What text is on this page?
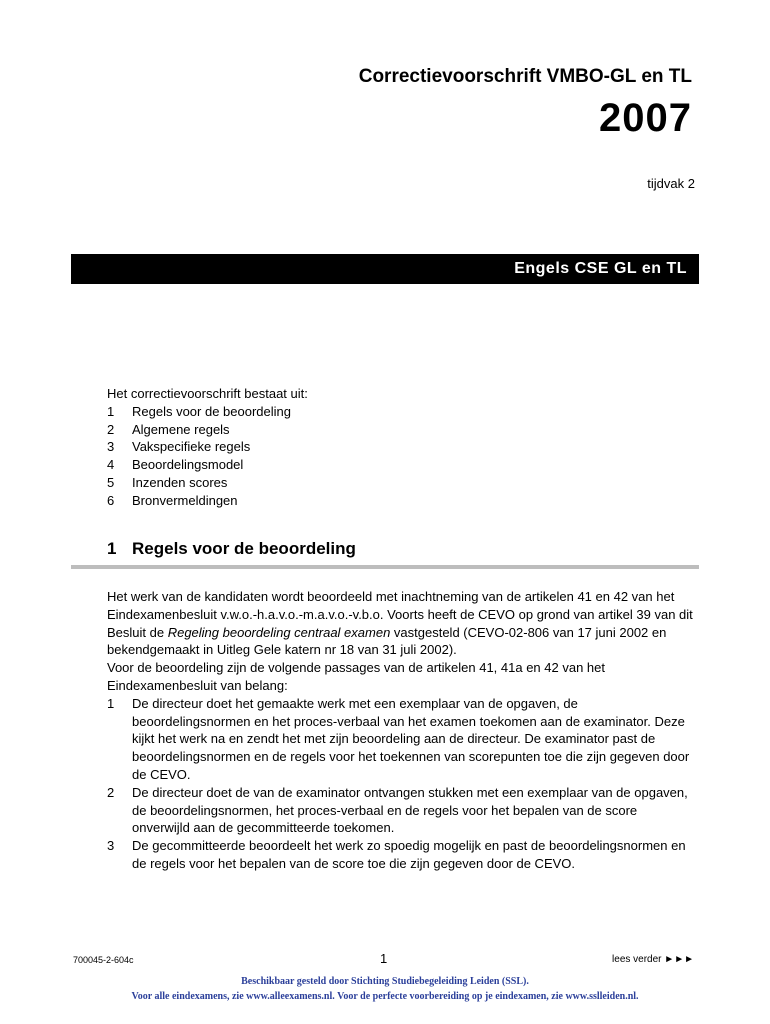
Correctievoorschrift VMBO-GL en TL
2007
tijdvak 2
Engels CSE GL en TL
Het correctievoorschrift bestaat uit:
1	Regels voor de beoordeling
2	Algemene regels
3	Vakspecifieke regels
4	Beoordelingsmodel
5	Inzenden scores
6	Bronvermeldingen
1 Regels voor de beoordeling

Het werk van de kandidaten wordt beoordeeld met inachtneming van de artikelen 41 en 42 van het Eindexamenbesluit v.w.o.-h.a.v.o.-m.a.v.o.-v.b.o. Voorts heeft de CEVO op grond van artikel 39 van dit Besluit de Regeling beoordeling centraal examen vastgesteld (CEVO-02-806 van 17 juni 2002 en bekendgemaakt in Uitleg Gele katern nr 18 van 31 juli 2002).

Voor de beoordeling zijn de volgende passages van de artikelen 41, 41a en 42 van het Eindexamenbesluit van belang:

1	De directeur doet het gemaakte werk met een exemplaar van de opgaven, de beoordelingsnormen en het proces-verbaal van het examen toekomen aan de examinator. Deze kijkt het werk na en zendt het met zijn beoordeling aan de directeur. De examinator past de beoordelingsnormen en de regels voor het toekennen van scorepunten toe die zijn gegeven door de CEVO.
2	De directeur doet de van de examinator ontvangen stukken met een exemplaar van de opgaven, de beoordelingsnormen, het proces-verbaal en de regels voor het bepalen van de score onverwijld aan de gecommitteerde toekomen.
3	De gecommitteerde beoordeelt het werk zo spoedig mogelijk en past de beoordelingsnormen en de regels voor het bepalen van de score toe die zijn gegeven door de CEVO.
700045-2-604c	1	lees verder ►►►
Beschikbaar gesteld door Stichting Studiebegeleiding Leiden (SSL).
Voor alle eindexamens, zie www.alleexamens.nl. Voor de perfecte voorbereiding op je eindexamen, zie www.sslleiden.nl.
